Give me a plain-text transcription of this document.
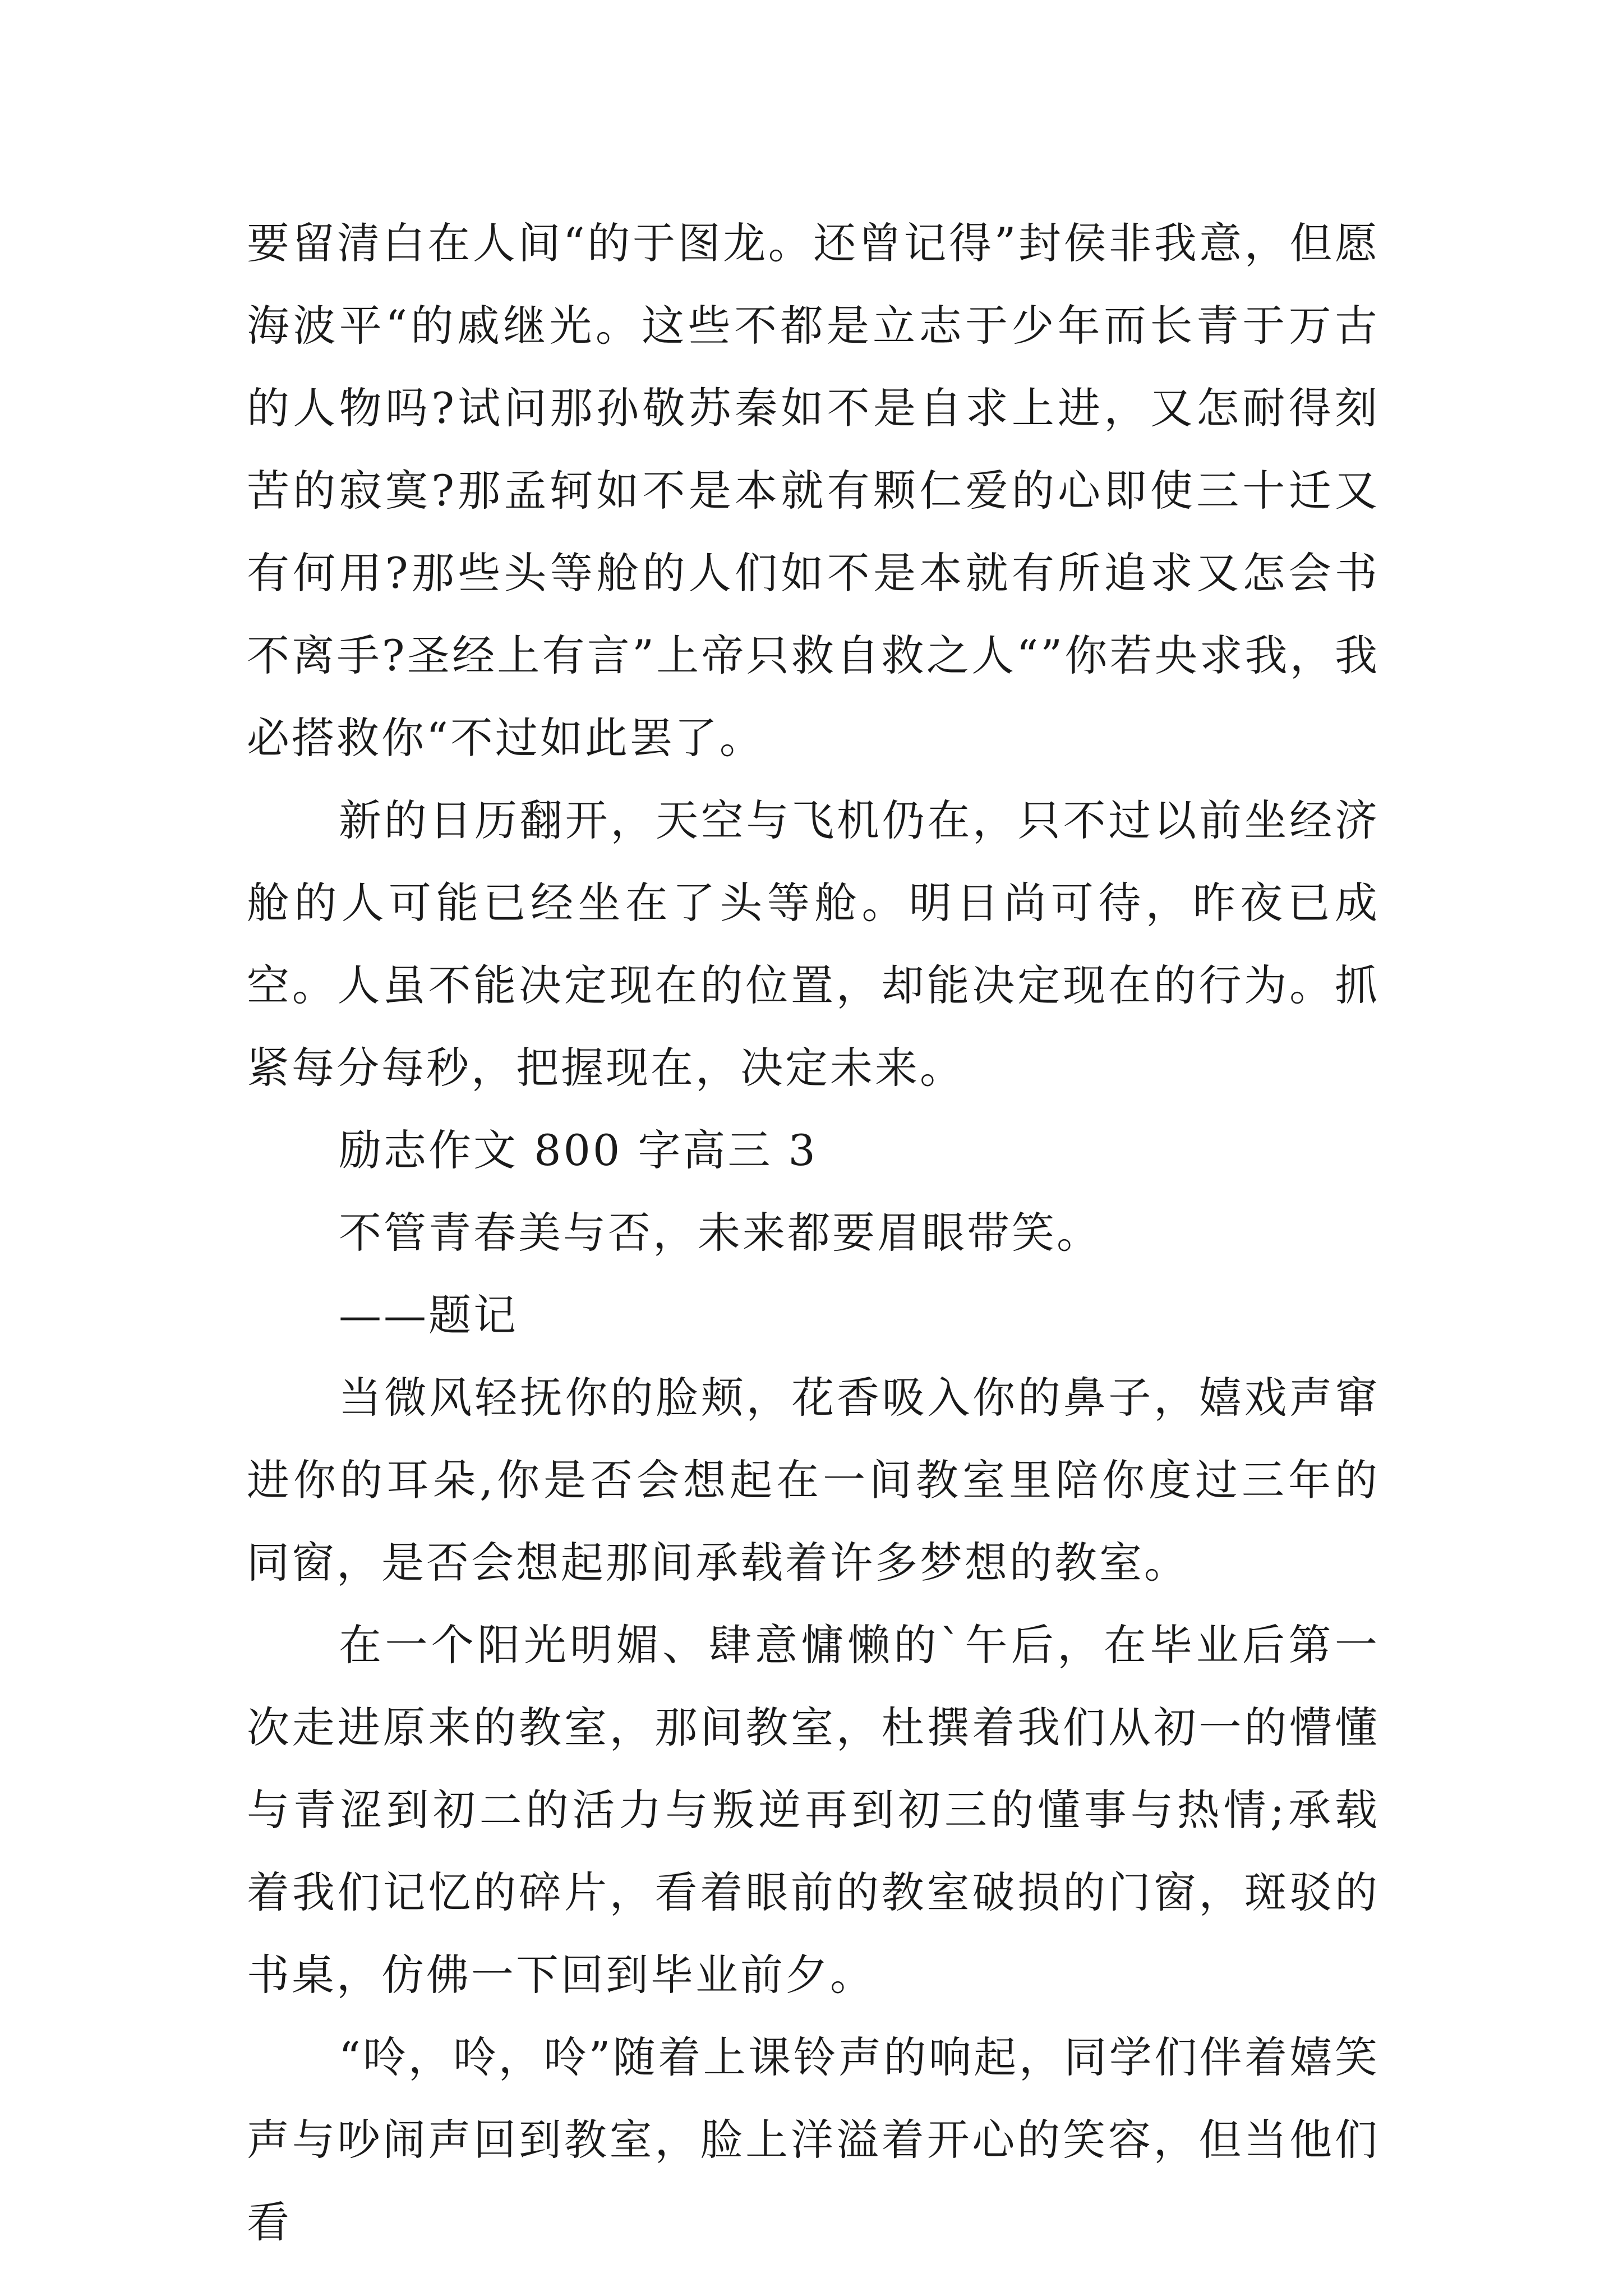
要留清白在人间“的于图龙。还曾记得”封侯非我意，但愿海波平“的戚继光。这些不都是立志于少年而长青于万古的人物吗?试问那孙敬苏秦如不是自求上进，又怎耐得刻苦的寂寞?那孟轲如不是本就有颗仁爱的心即使三十迁又有何用?那些头等舱的人们如不是本就有所追求又怎会书不离手?圣经上有言”上帝只救自救之人“”你若央求我，我必搭救你“不过如此罢了。

新的日历翻开，天空与飞机仍在，只不过以前坐经济舱的人可能已经坐在了头等舱。明日尚可待，昨夜已成空。人虽不能决定现在的位置，却能决定现在的行为。抓紧每分每秒，把握现在，决定未来。

励志作文 800 字高三 3

不管青春美与否，未来都要眉眼带笑。

——题记

当微风轻抚你的脸颊，花香吸入你的鼻子，嬉戏声窜进你的耳朵,你是否会想起在一间教室里陪你度过三年的同窗，是否会想起那间承载着许多梦想的教室。

在一个阳光明媚、肆意慵懒的`午后，在毕业后第一次走进原来的教室，那间教室，杜撰着我们从初一的懵懂与青涩到初二的活力与叛逆再到初三的懂事与热情;承载着我们记忆的碎片，看着眼前的教室破损的门窗，斑驳的书桌，仿佛一下回到毕业前夕。

“呤，呤，呤”随着上课铃声的响起，同学们伴着嬉笑声与吵闹声回到教室，脸上洋溢着开心的笑容，但当他们看
